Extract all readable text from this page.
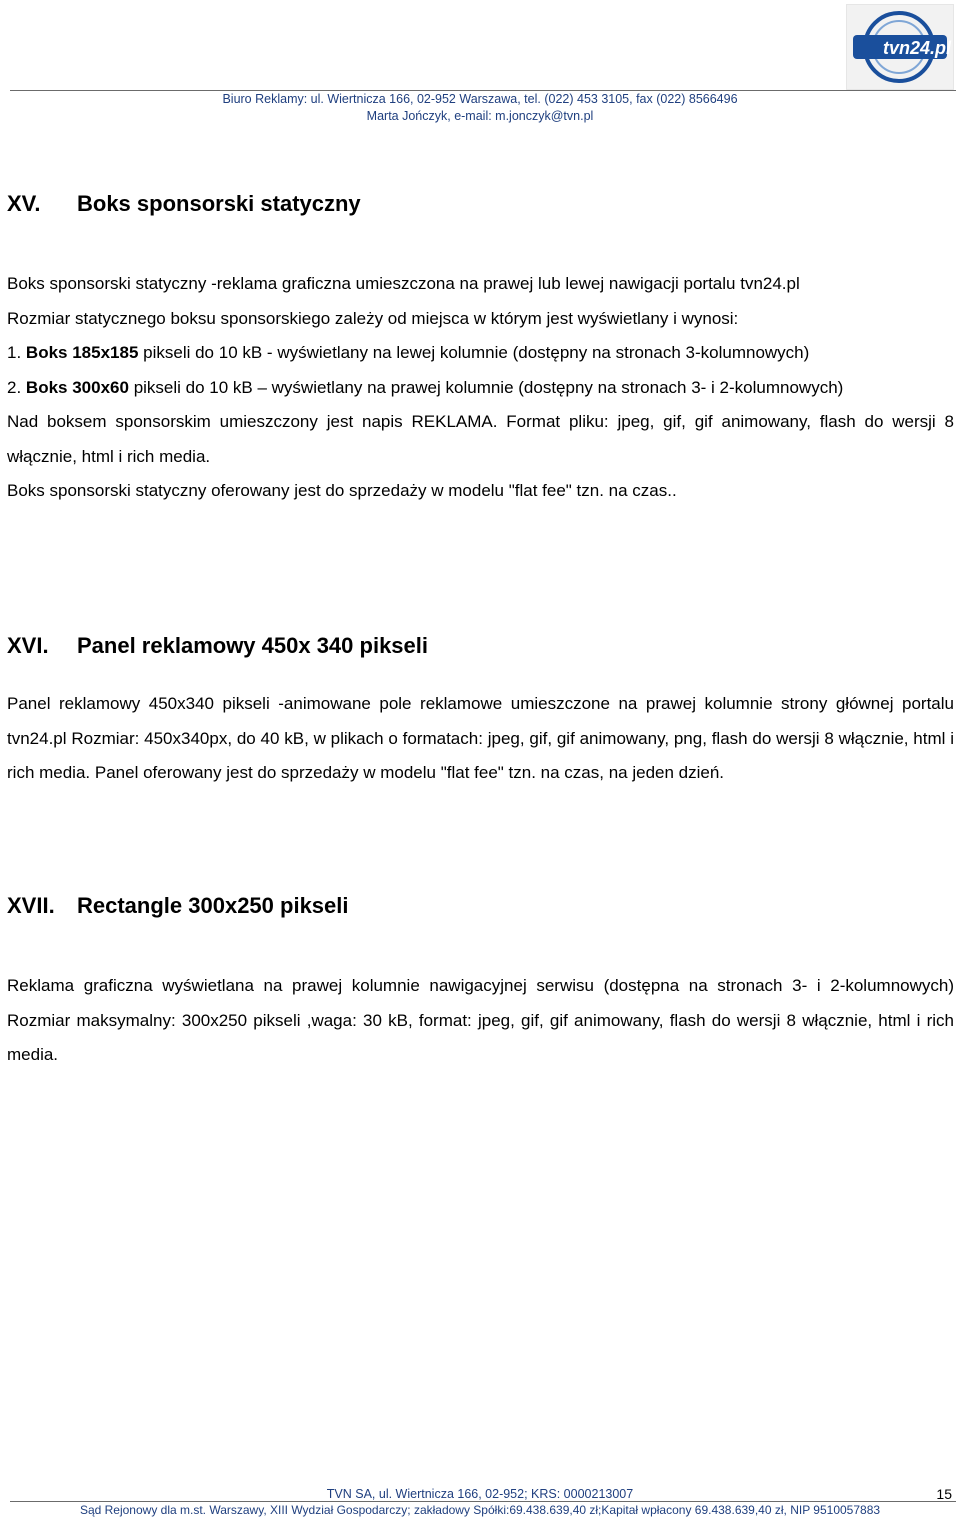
tvn24.pl
Biuro Reklamy: ul. Wiertnicza 166, 02-952 Warszawa, tel. (022) 453 3105, fax (022) 8566496
Marta Jończyk, e-mail: m.jonczyk@tvn.pl
XV. Boks sponsorski statyczny

Boks sponsorski statyczny -reklama graficzna umieszczona na prawej lub lewej nawigacji portalu tvn24.pl

Rozmiar statycznego boksu sponsorskiego zależy od miejsca w którym jest wyświetlany i wynosi:

1. Boks 185x185 pikseli do 10 kB - wyświetlany na lewej kolumnie (dostępny na stronach 3-kolumnowych)

2. Boks 300x60 pikseli do 10 kB – wyświetlany na prawej kolumnie (dostępny na stronach 3- i 2-kolumnowych)

Nad boksem sponsorskim umieszczony jest napis REKLAMA. Format pliku: jpeg, gif, gif animowany, flash do wersji 8 włącznie, html i rich media.

Boks sponsorski statyczny oferowany jest do sprzedaży w modelu "flat fee" tzn. na czas..

XVI. Panel reklamowy 450x 340 pikseli

Panel reklamowy 450x340 pikseli -animowane pole reklamowe umieszczone na prawej kolumnie strony głównej portalu tvn24.pl Rozmiar: 450x340px, do 40 kB, w plikach o formatach: jpeg, gif, gif animowany, png, flash do wersji 8 włącznie, html i rich media. Panel oferowany jest do sprzedaży w modelu "flat fee" tzn. na czas, na jeden dzień.

XVII. Rectangle 300x250 pikseli

Reklama graficzna wyświetlana na prawej kolumnie nawigacyjnej serwisu (dostępna na stronach 3- i 2-kolumnowych) Rozmiar maksymalny: 300x250 pikseli ,waga: 30 kB, format: jpeg, gif, gif animowany, flash do wersji 8 włącznie, html i rich media.

TVN SA, ul. Wiertnicza 166, 02-952; KRS: 0000213007
Sąd Rejonowy dla m.st. Warszawy, XIII Wydział Gospodarczy; zakładowy Spółki:69.438.639,40 zł;Kapitał wpłacony 69.438.639,40 zł, NIP 9510057883
15
